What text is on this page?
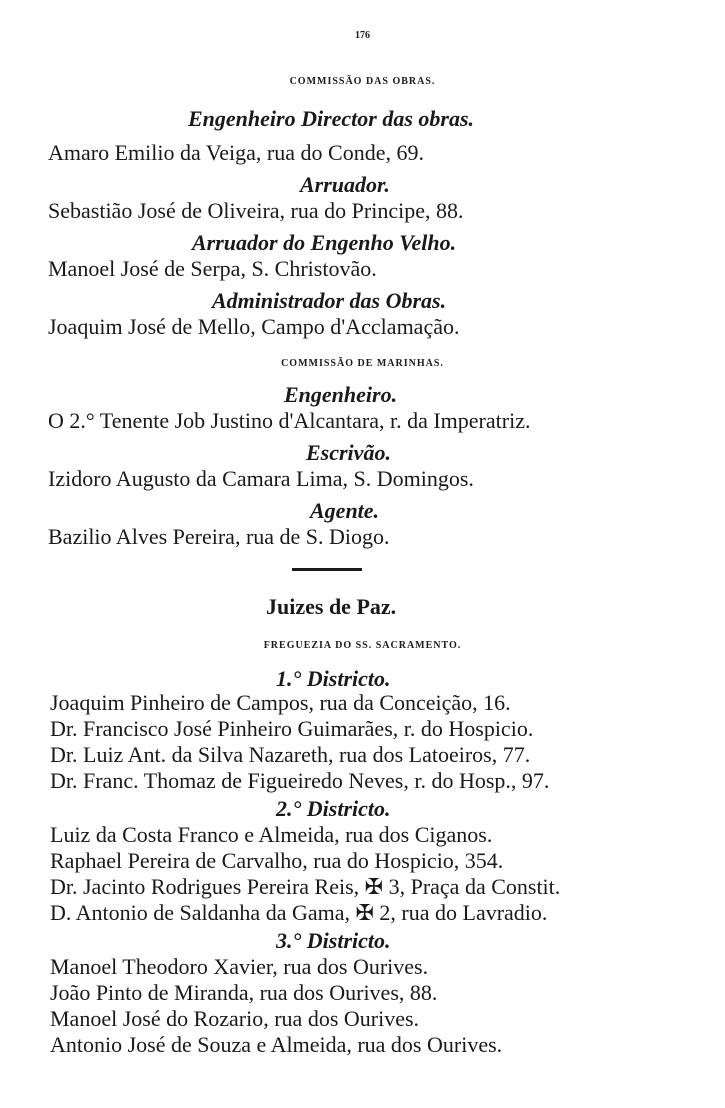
176

COMMISSÃO DAS OBRAS.

Engenheiro Director das obras.

Amaro Emilio da Veiga, rua do Conde, 69.

Arruador.

Sebastião José de Oliveira, rua do Principe, 88.

Arruador do Engenho Velho.

Manoel José de Serpa, S. Christovão.

Administrador das Obras.

Joaquim José de Mello, Campo d'Acclamação.

COMMISSÃO DE MARINHAS.

Engenheiro.

O 2.° Tenente Job Justino d'Alcantara, r. da Imperatriz.

Escrivão.

Izidoro Augusto da Camara Lima, S. Domingos.

Agente.

Bazilio Alves Pereira, rua de S. Diogo.

Juizes de Paz.

FREGUEZIA DO SS. SACRAMENTO.

1.° Districto.

Joaquim Pinheiro de Campos, rua da Conceição, 16.

Dr. Francisco José Pinheiro Guimarães, r. do Hospicio.

Dr. Luiz Ant. da Silva Nazareth, rua dos Latoeiros, 77.

Dr. Franc. Thomaz de Figueiredo Neves, r. do Hosp., 97.

2.° Districto.

Luiz da Costa Franco e Almeida, rua dos Ciganos.

Raphael Pereira de Carvalho, rua do Hospicio, 354.

Dr. Jacinto Rodrigues Pereira Reis, ✠ 3, Praça da Constit.

D. Antonio de Saldanha da Gama, ✠ 2, rua do Lavradio.

3.° Districto.

Manoel Theodoro Xavier, rua dos Ourives.

João Pinto de Miranda, rua dos Ourives, 88.

Manoel José do Rozario, rua dos Ourives.

Antonio José de Souza e Almeida, rua dos Ourives.
